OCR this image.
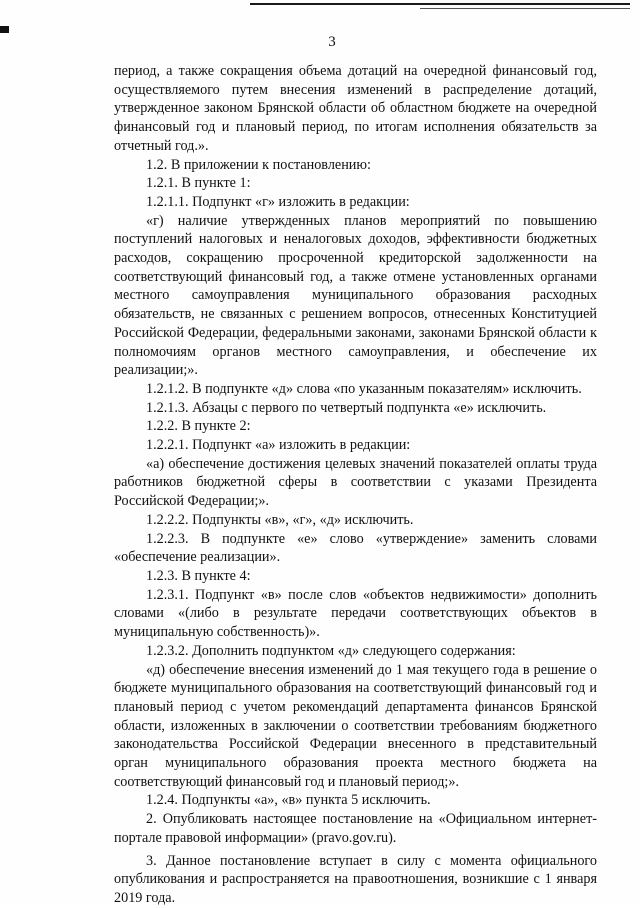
3

период, а также сокращения объема дотаций на очередной финансовый год, осуществляемого путем внесения изменений в распределение дотаций, утвержденное законом Брянской области об областном бюджете на очередной финансовый год и плановый период, по итогам исполнения обязательств за отчетный год.».

1.2. В приложении к постановлению:

1.2.1. В пункте 1:

1.2.1.1. Подпункт «г» изложить в редакции:

«г) наличие утвержденных планов мероприятий по повышению поступлений налоговых и неналоговых доходов, эффективности бюджетных расходов, сокращению просроченной кредиторской задолженности на соответствующий финансовый год, а также отмене установленных органами местного самоуправления муниципального образования расходных обязательств, не связанных с решением вопросов, отнесенных Конституцией Российской Федерации, федеральными законами, законами Брянской области к полномочиям органов местного самоуправления, и обеспечение их реализации;».

1.2.1.2. В подпункте «д» слова «по указанным показателям» исключить.

1.2.1.3. Абзацы с первого по четвертый подпункта «е» исключить.

1.2.2. В пункте 2:

1.2.2.1. Подпункт «а» изложить в редакции:

«а) обеспечение достижения целевых значений показателей оплаты труда работников бюджетной сферы в соответствии с указами Президента Российской Федерации;».

1.2.2.2. Подпункты «в», «г», «д» исключить.

1.2.2.3. В подпункте «е» слово «утверждение» заменить словами «обеспечение реализации».

1.2.3. В пункте 4:

1.2.3.1. Подпункт «в» после слов «объектов недвижимости» дополнить словами «(либо в результате передачи соответствующих объектов в муниципальную собственность)».

1.2.3.2. Дополнить подпунктом «д» следующего содержания:

«д) обеспечение внесения изменений до 1 мая текущего года в решение о бюджете муниципального образования на соответствующий финансовый год и плановый период с учетом рекомендаций департамента финансов Брянской области, изложенных в заключении о соответствии требованиям бюджетного законодательства Российской Федерации внесенного в представительный орган муниципального образования проекта местного бюджета на соответствующий финансовый год и плановый период;».

1.2.4. Подпункты «а», «в» пункта 5 исключить.

2. Опубликовать настоящее постановление на «Официальном интернет-портале правовой информации» (pravo.gov.ru).

3. Данное постановление вступает в силу с момента официального опубликования и распространяется на правоотношения, возникшие с 1 января 2019 года.
